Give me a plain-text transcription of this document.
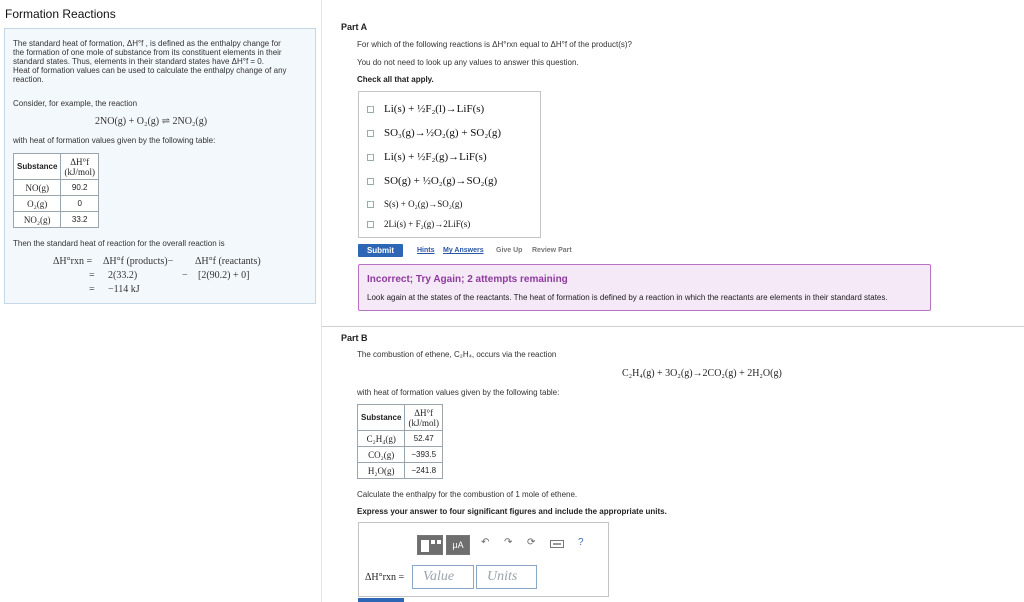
Formation Reactions
The standard heat of formation, ΔH°f , is defined as the enthalpy change for
the formation of one mole of substance from its constituent elements in their
standard states. Thus, elements in their standard states have ΔH°f = 0.
Heat of formation values can be used to calculate the enthalpy change of any
reaction.
Consider, for example, the reaction
2NO(g) + O₂(g) ⇌ 2NO₂(g)
with heat of formation values given by the following table:
Substance	ΔH°f
(kJ/mol)

NO(g)	90.2
O₂(g)	0
NO₂(g)	33.2
Then the standard heat of reaction for the overall reaction is
ΔH°rxn = ΔH°f (products)− ΔH°f (reactants)
= 2(33.2)	− [2(90.2) + 0]
= −114 kJ
Part A
For which of the following reactions is ΔH°rxn equal to ΔH°f of the product(s)?
You do not need to look up any values to answer this question.
Check all that apply.
✓ Li(s) + ½F₂(l)→LiF(s)
SO₃(g)→½O₂(g) + SO₂(g)
✓ Li(s) + ½F₂(g)→LiF(s)
SO(g) + ½O₂(g)→SO₂(g)
✓ S(s) + O₂(g)→SO₂(g)
2Li(s) + F₂(g)→2LiF(s)
Submit	Hints My Answers Give Up Review Part
Incorrect; Try Again; 2 attempts remaining
Look again at the states of the reactants. The heat of formation is defined by a reaction in which the reactants are elements in their standard states.
Part B
The combustion of ethene, C₂H₄, occurs via the reaction
C₂H₄(g) + 3O₂(g)→2CO₂(g) + 2H₂O(g)
with heat of formation values given by the following table:
Substance	ΔH°f
(kJ/mol)

C₂H₄(g)	52.47
CO₂(g)	−393.5
H₂O(g)	−241.8
Calculate the enthalpy for the combustion of 1 mole of ethene.
Express your answer to four significant figures and include the appropriate units.
μA	↶ ↷ ⟳	?
ΔH°rxn =	Value	Units
